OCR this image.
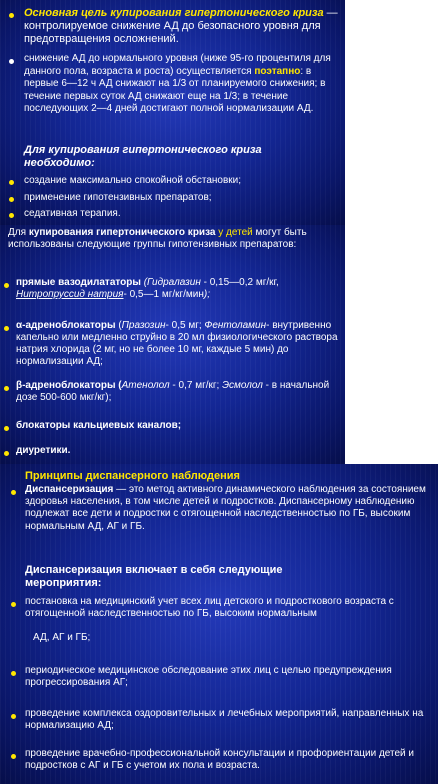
Основная цель купирования гипертонического криза — контролируемое снижение АД до безопасного уровня для предотвращения осложнений.

снижение АД до нормального уровня (ниже 95-го процентиля для данного пола, возраста и роста) осуществляется поэтапно: в первые 6—12 ч АД снижают на 1/3 от планируемого снижения; в течение первых суток АД снижают еще на 1/3; в течение последующих 2—4 дней достигают полной нормализации АД.

Для купирования гипертонического криза необходимо:

создание максимально спокойной обстановки;

применение гипотензивных препаратов;

седативная терапия.

Для купирования гипертонического криза у детей могут быть использованы следующие группы гипотензивных препаратов:

прямые вазодилататоры (Гидралазин - 0,15—0,2 мг/кг, Нитропруссид натрия- 0,5—1 мг/кг/мин);

α-адреноблокаторы (Празозин- 0,5 мг; Фентоламин- внутривенно капельно или медленно струйно в 20 мл физиологического раствора натрия хлорида (2 мг, но не более 10 мг, каждые 5 мин) до нормализации АД;

β-адреноблокаторы (Атенолол - 0,7 мг/кг; Эсмолол - в начальной дозе 500-600 мкг/кг);

блокаторы кальциевых каналов;

диуретики.

Принципы диспансерного наблюдения

Диспансеризация — это метод активного динамического наблюдения за состоянием здоровья населения, в том числе детей и подростков. Диспансерному наблюдению подлежат все дети и подростки с отягощенной наследственностью по ГБ, высоким нормальным АД, АГ и ГБ.

Диспансеризация включает в себя следующие мероприятия:

постановка на медицинский учет всех лиц детского и подросткового возраста с отягощенной наследственностью по ГБ, высоким нормальным

АД, АГ и ГБ;

периодическое медицинское обследование этих лиц с целью предупреждения прогрессирования АГ;

проведение комплекса оздоровительных и лечебных мероприятий, направленных на нормализацию АД;

проведение врачебно-профессиональной консультации и профориентации детей и подростков с АГ и ГБ с учетом их пола и возраста.
